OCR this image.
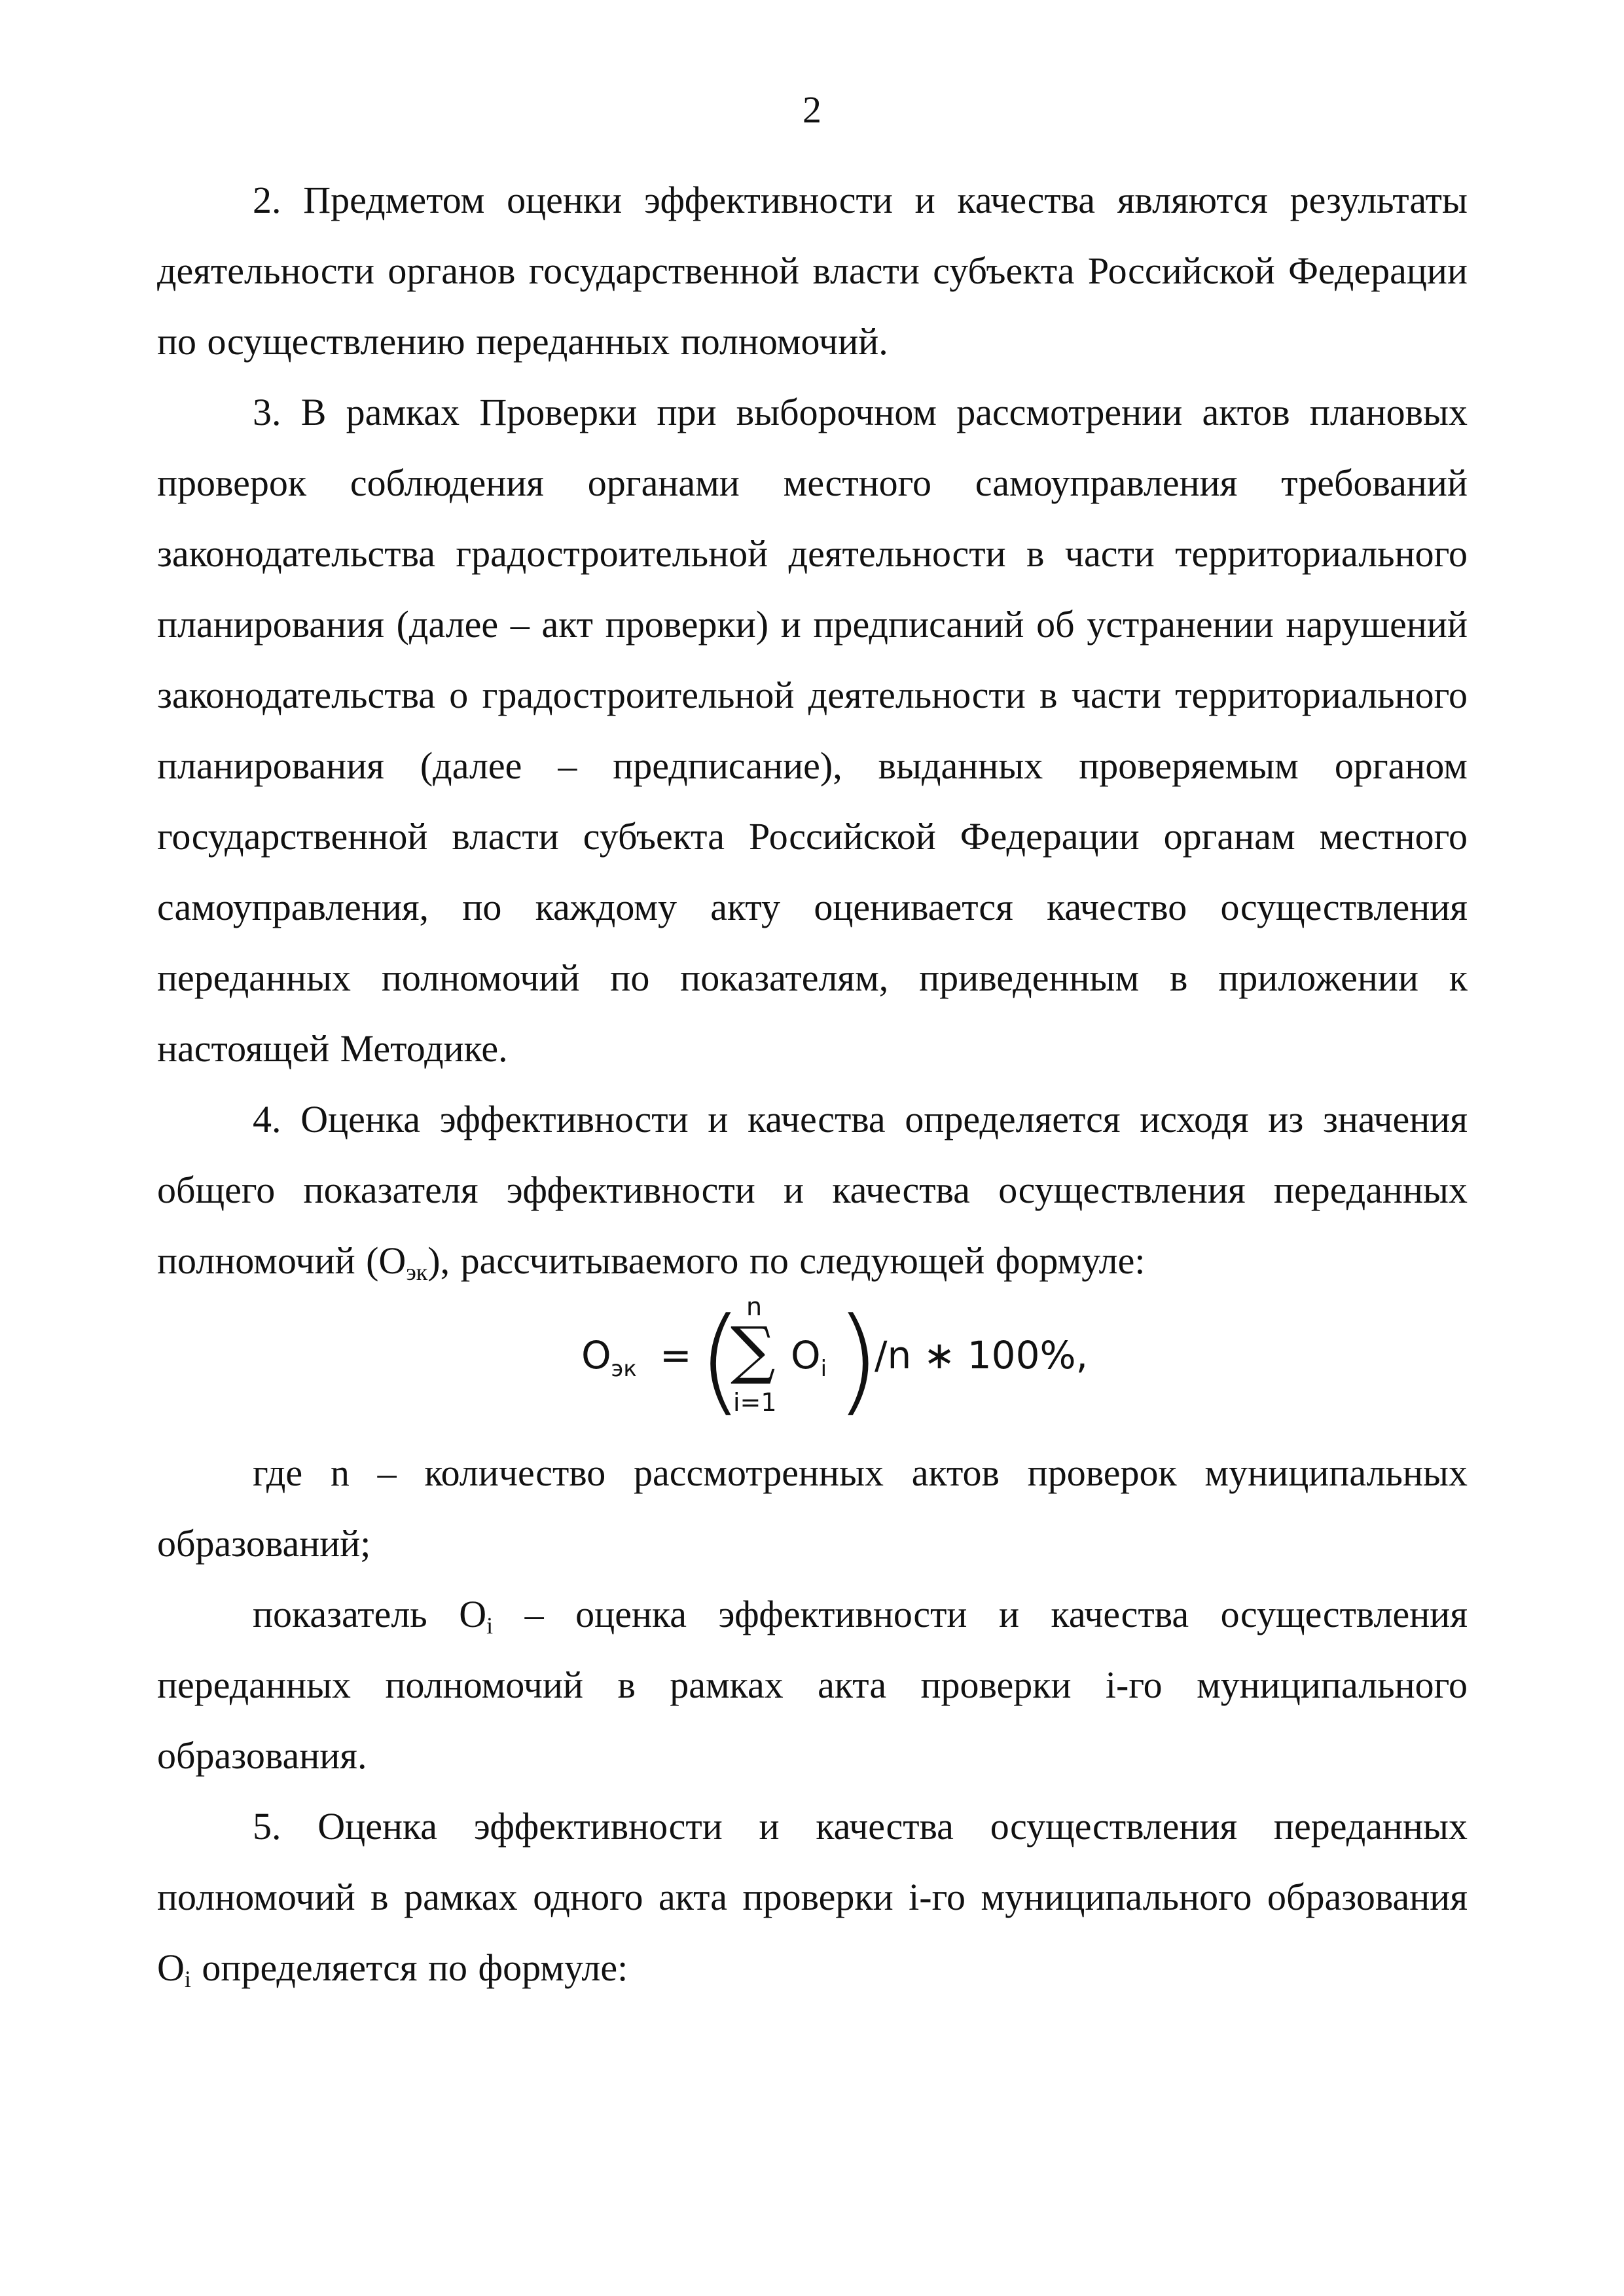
2

2. Предметом оценки эффективности и качества являются результаты деятельности органов государственной власти субъекта Российской Федерации по осуществлению переданных полномочий.

3. В рамках Проверки при выборочном рассмотрении актов плановых проверок соблюдения органами местного самоуправления требований законодательства градостроительной деятельности в части территориального планирования (далее – акт проверки) и предписаний об устранении нарушений законодательства о градостроительной деятельности в части территориального планирования (далее – предписание), выданных проверяемым органом государственной власти субъекта Российской Федерации органам местного самоуправления, по каждому акту оценивается качество осуществления переданных полномочий по показателям, приведенным в приложении к настоящей Методике.

4. Оценка эффективности и качества определяется исходя из значения общего показателя эффективности и качества осуществления переданных полномочий $(О_{эк})$, рассчитываемого по следующей формуле:

$О_{эк}$ = ( n
∑
i=1
$О_i$ )
/n ∗ 100%,

где n – количество рассмотренных актов проверок муниципальных образований;

показатель $О_i$ – оценка эффективности и качества осуществления переданных полномочий в рамках акта проверки i-го муниципального образования.

5. Оценка эффективности и качества осуществления переданных полномочий в рамках одного акта проверки i-го муниципального образования $О_i$ определяется по формуле:
